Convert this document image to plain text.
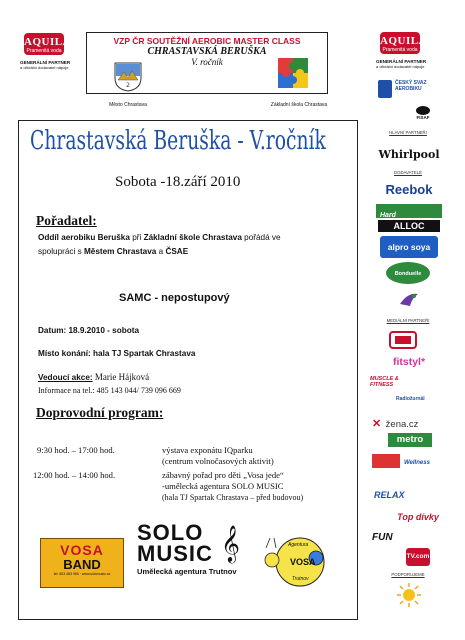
AQUILA
Pramenitá voda
GENERÁLNÍ PARTNER
a oficiální dodavatel nápoje
VZP ČR SOUTĚŽNÍ AEROBIC MASTER CLASS
CHRASTAVSKÁ BERUŠKA
V. ročník
2
Město Chrastava	Základní škola Chrastava
AQUILA
Pramenitá voda
GENERÁLNÍ PARTNER
a oficiální dodavatel nápoje
Chrastavská Beruška - V.ročník
Sobota -18.září 2010
Pořadatel:
Oddíl aerobiku Beruška při Základní škole Chrastava pořádá ve
spolupráci s Městem Chrastava a ČSAE
SAMC - nepostupový
Datum: 18.9.2010 - sobota
Místo konání: hala TJ Spartak Chrastava
Vedoucí akce: Marie Hájková
Informace na tel.: 485 143 044/ 739 096 669
Doprovodní program:
9:30 hod. – 17:00 hod.	výstava exponátu IQparku
(centrum volnočasových aktivit)
12:00 hod. – 14:00 hod.	zábavný pořad pro děti „Vosa jede“
-umělecká agentura SOLO MUSIC
(hala TJ Spartak Chrastava – před budovou)
VOSA
BAND
tel: 603 483 956 · www.solomusic.cz
SOLO
MUSIC
Umělecká agentura Trutnov
𝄞	Agentura
VOSA
Trutnov
ČESKÝ SVAZ AEROBIKU
FISAF
HLAVNÍ PARTNEŘI
Whirlpool
DODAVATELÉ
Reebok
Hard
ALLOC
alpro soya
Bonduelle
MEDIÁLNÍ PARTNEŘI
fitstyl*
MUSCLE & FITNESS
Radiožurnál
✕ žena.cz
metro
Wellness
RELAX
Top dívky
FUN
TV.com
PODPORUJEME
